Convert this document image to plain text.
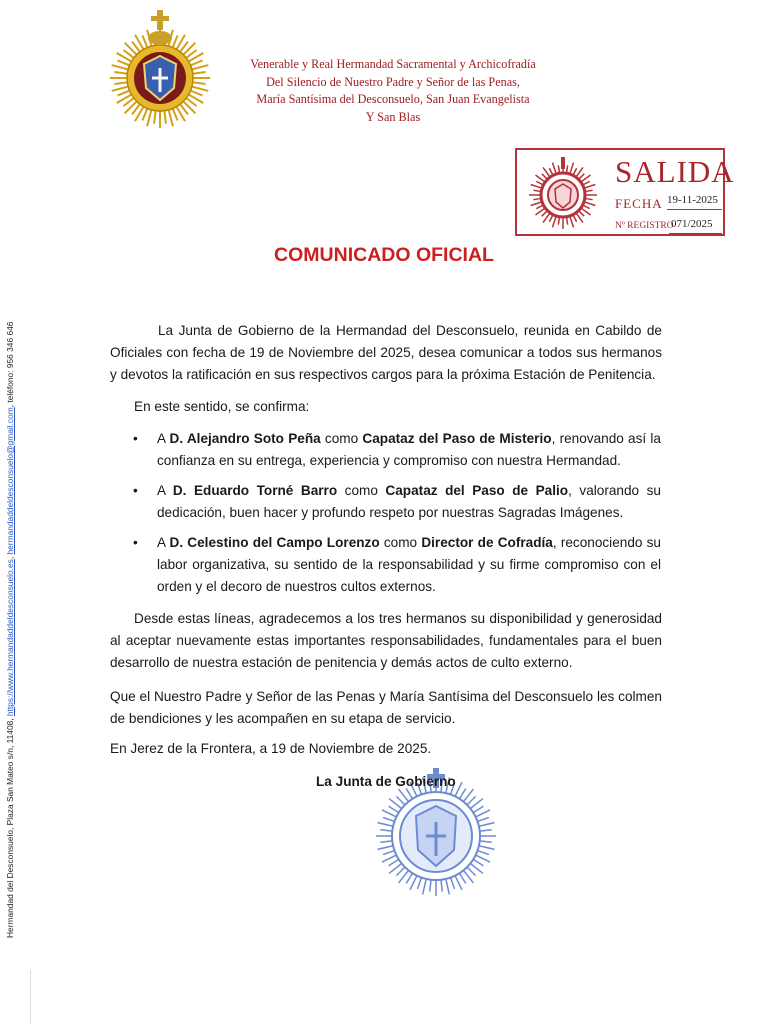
Venerable y Real Hermandad Sacramental y Archicofradía
Del Silencio de Nuestro Padre y Señor de las Penas,
María Santísima del Desconsuelo, San Juan Evangelista
Y San Blas
SALIDA
FECHA 19-11-2025
Nº REGISTRO
071/2025
Hermandad del Desconsuelo, Plaza San Mateo s/n, 11408, https://www.hermandaddeldesconsuelo.es, hermandaddeldesconsuelo@gmail.com, teléfono: 956 346 646
COMUNICADO OFICIAL
La Junta de Gobierno de la Hermandad del Desconsuelo, reunida en Cabildo de Oficiales con fecha de 19 de Noviembre del 2025, desea comunicar a todos sus hermanos y devotos la ratificación en sus respectivos cargos para la próxima Estación de Penitencia.
En este sentido, se confirma:
• A D. Alejandro Soto Peña como Capataz del Paso de Misterio, renovando así la confianza en su entrega, experiencia y compromiso con nuestra Hermandad.
• A D. Eduardo Torné Barro como Capataz del Paso de Palio, valorando su dedicación, buen hacer y profundo respeto por nuestras Sagradas Imágenes.
• A D. Celestino del Campo Lorenzo como Director de Cofradía, reconociendo su labor organizativa, su sentido de la responsabilidad y su firme compromiso con el orden y el decoro de nuestros cultos externos.
Desde estas líneas, agradecemos a los tres hermanos su disponibilidad y generosidad al aceptar nuevamente estas importantes responsabilidades, fundamentales para el buen desarrollo de nuestra estación de penitencia y demás actos de culto externo.
Que el Nuestro Padre y Señor de las Penas y María Santísima del Desconsuelo les colmen de bendiciones y les acompañen en su etapa de servicio.
En Jerez de la Frontera, a 19 de Noviembre de 2025.
La Junta de Gobierno
